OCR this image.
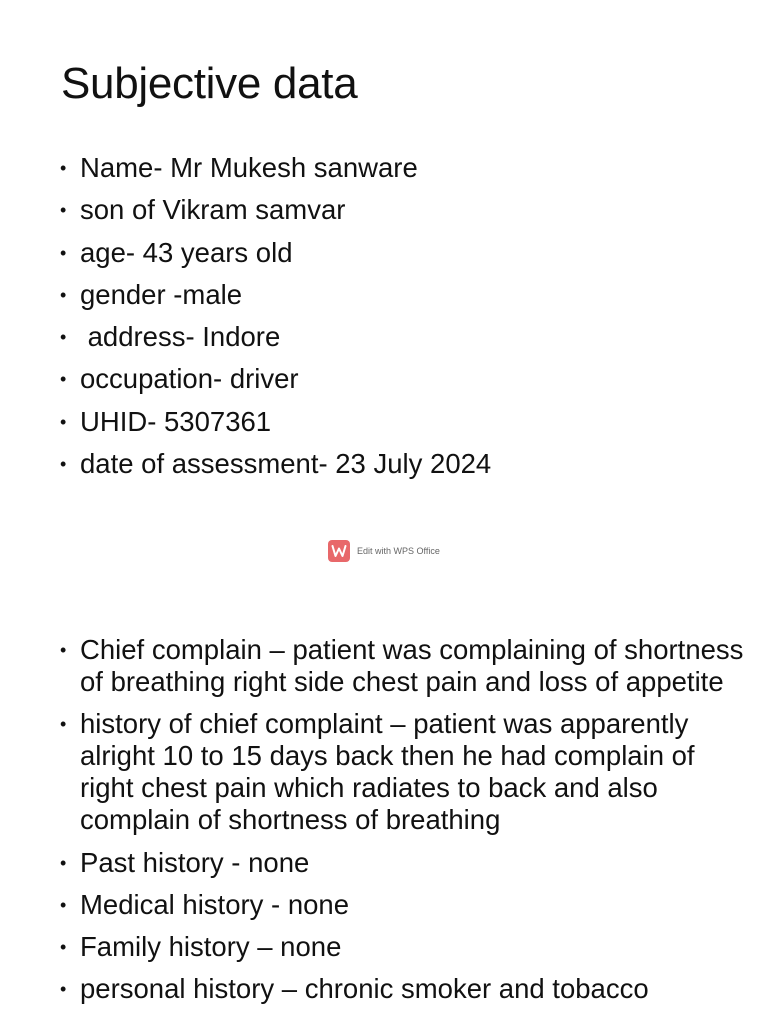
Subjective data
• Name- Mr Mukesh sanware
• son of Vikram samvar
• age- 43 years old
• gender -male
• address- Indore
• occupation- driver
• UHID- 5307361
• date of assessment- 23 July 2024
Edit with WPS Office
• Chief complain – patient was complaining of shortness of breathing right side chest pain and loss of appetite
• history of chief complaint – patient was apparently alright 10 to 15 days back then he had complain of right chest pain which radiates to back and also complain of shortness of breathing
• Past history - none
• Medical history - none
• Family history – none
• personal history – chronic smoker and tobacco
